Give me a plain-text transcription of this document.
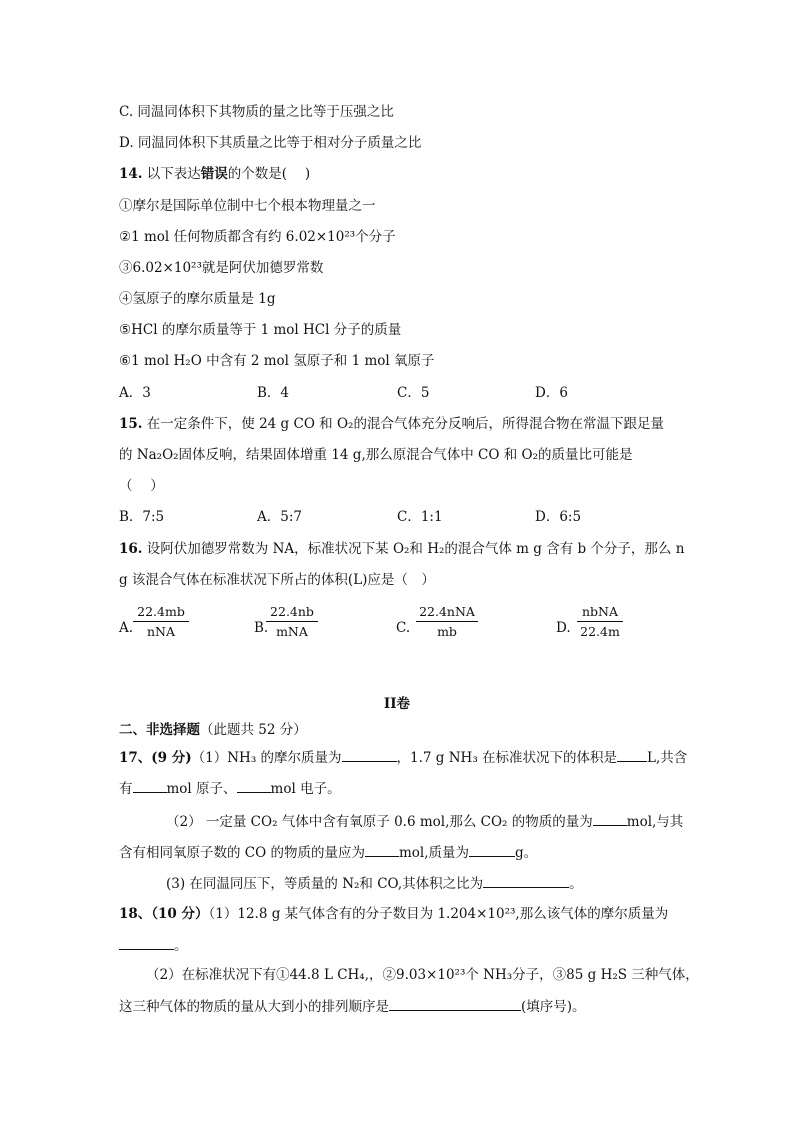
C. 同温同体积下其物质的量之比等于压强之比
D. 同温同体积下其质量之比等于相对分子质量之比
14. 以下表达错误的个数是(　 )
①摩尔是国际单位制中七个根本物理量之一
②1 mol 任何物质都含有约 6.02×10²³个分子
③6.02×10²³就是阿伏加德罗常数
④氢原子的摩尔质量是 1g
⑤HCl 的摩尔质量等于 1 mol HCl 分子的质量
⑥1 mol H₂O 中含有 2 mol 氢原子和 1 mol 氧原子
A．3	B．4	C．5	D．6
15. 在一定条件下，使 24 g CO 和 O₂的混合气体充分反响后，所得混合物在常温下跟足量
的 Na₂O₂固体反响，结果固体增重 14 g,那么原混合气体中 CO 和 O₂的质量比可能是
（　 ）
B．7:5	A．5:7	C．1:1	D．6:5
16. 设阿伏加德罗常数为 NA，标准状况下某 O₂和 H₂的混合气体 m g 含有 b 个分子，那么 n
g 该混合气体在标准状况下所占的体积(L)应是（　）
A.
22.4mb
nNA	B.
22.4nb
mNA	C.
22.4nNA
mb	D.
nbNA
22.4m
II卷
二、非选择题（此题共 52 分）
17、(9 分)（1）NH₃ 的摩尔质量为	，1.7 g NH₃ 在标准状况下的体积是 L,共含
有	mol 原子、	mol 电子。
（2） 一定量 CO₂ 气体中含有氧原子 0.6 mol,那么 CO₂ 的物质的量为	mol,与其
含有相同氧原子数的 CO 的物质的量应为	mol,质量为	g。
(3) 在同温同压下，等质量的 N₂和 CO,其体积之比为	。
18、（10 分）（1）12.8 g 某气体含有的分子数目为 1.204×10²³,那么该气体的摩尔质量为
。
（2）在标准状况下有①44.8 L CH₄,，②9.03×10²³个 NH₃分子，③85 g H₂S 三种气体，
这三种气体的物质的量从大到小的排列顺序是	(填序号)。
